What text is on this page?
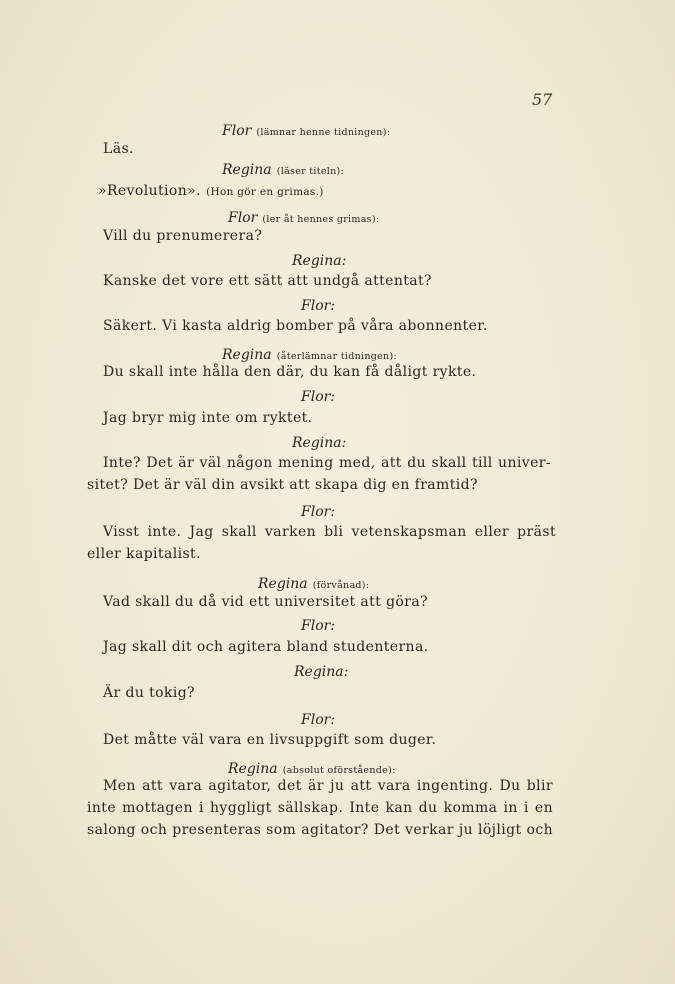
57
Flor (lämnar henne tidningen):
Läs.
Regina (läser titeln):
»Revolution». (Hon gör en grimas.)
Flor (ler åt hennes grimas):
Vill du prenumerera?
Regina:
Kanske det vore ett sätt att undgå attentat?
Flor:
Säkert. Vi kasta aldrig bomber på våra abonnenter.
Regina (återlämnar tidningen):
Du skall inte hålla den där, du kan få dåligt rykte.
Flor:
Jag bryr mig inte om ryktet.
Regina:
Inte? Det är väl någon mening med, att du skall till univer-
sitet? Det är väl din avsikt att skapa dig en framtid?
Flor:
Visst inte. Jag skall varken bli vetenskapsman eller präst
eller kapitalist.
Regina (förvånad):
Vad skall du då vid ett universitet att göra?
Flor:
Jag skall dit och agitera bland studenterna.
Regina:
Är du tokig?
Flor:
Det måtte väl vara en livsuppgift som duger.
Regina (absolut oförstående):
Men att vara agitator, det är ju att vara ingenting. Du blir
inte mottagen i hyggligt sällskap. Inte kan du komma in i en
salong och presenteras som agitator? Det verkar ju löjligt och
